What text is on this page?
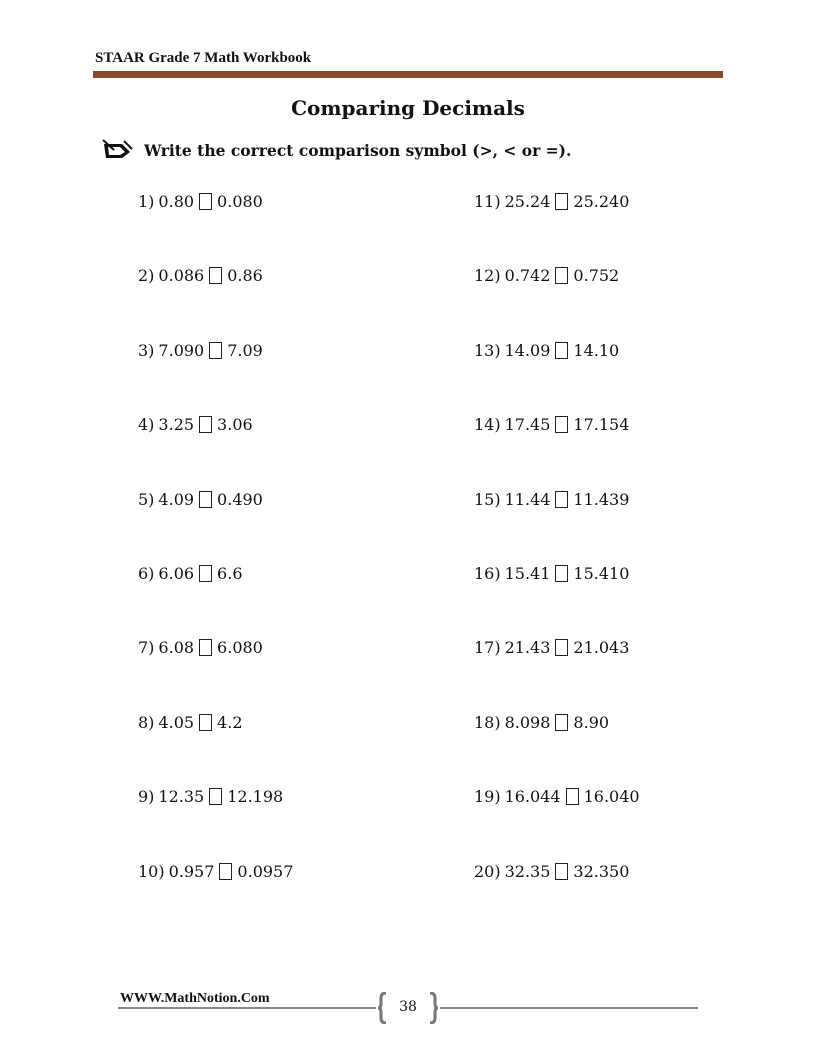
STAAR Grade 7 Math Workbook
Comparing Decimals
Write the correct comparison symbol (>, < or =).
1) 0.80 0.080
2) 0.086 0.86
3) 7.090 7.09
4) 3.25 3.06
5) 4.09 0.490
6) 6.06 6.6
7) 6.08 6.080
8) 4.05 4.2
9) 12.35 12.198
10) 0.957 0.0957
11) 25.24 25.240
12) 0.742 0.752
13) 14.09 14.10
14) 17.45 17.154
15) 11.44 11.439
16) 15.41 15.410
17) 21.43 21.043
18) 8.098 8.90
19) 16.044 16.040
20) 32.35 32.350
WWW.MathNotion.Com
38
